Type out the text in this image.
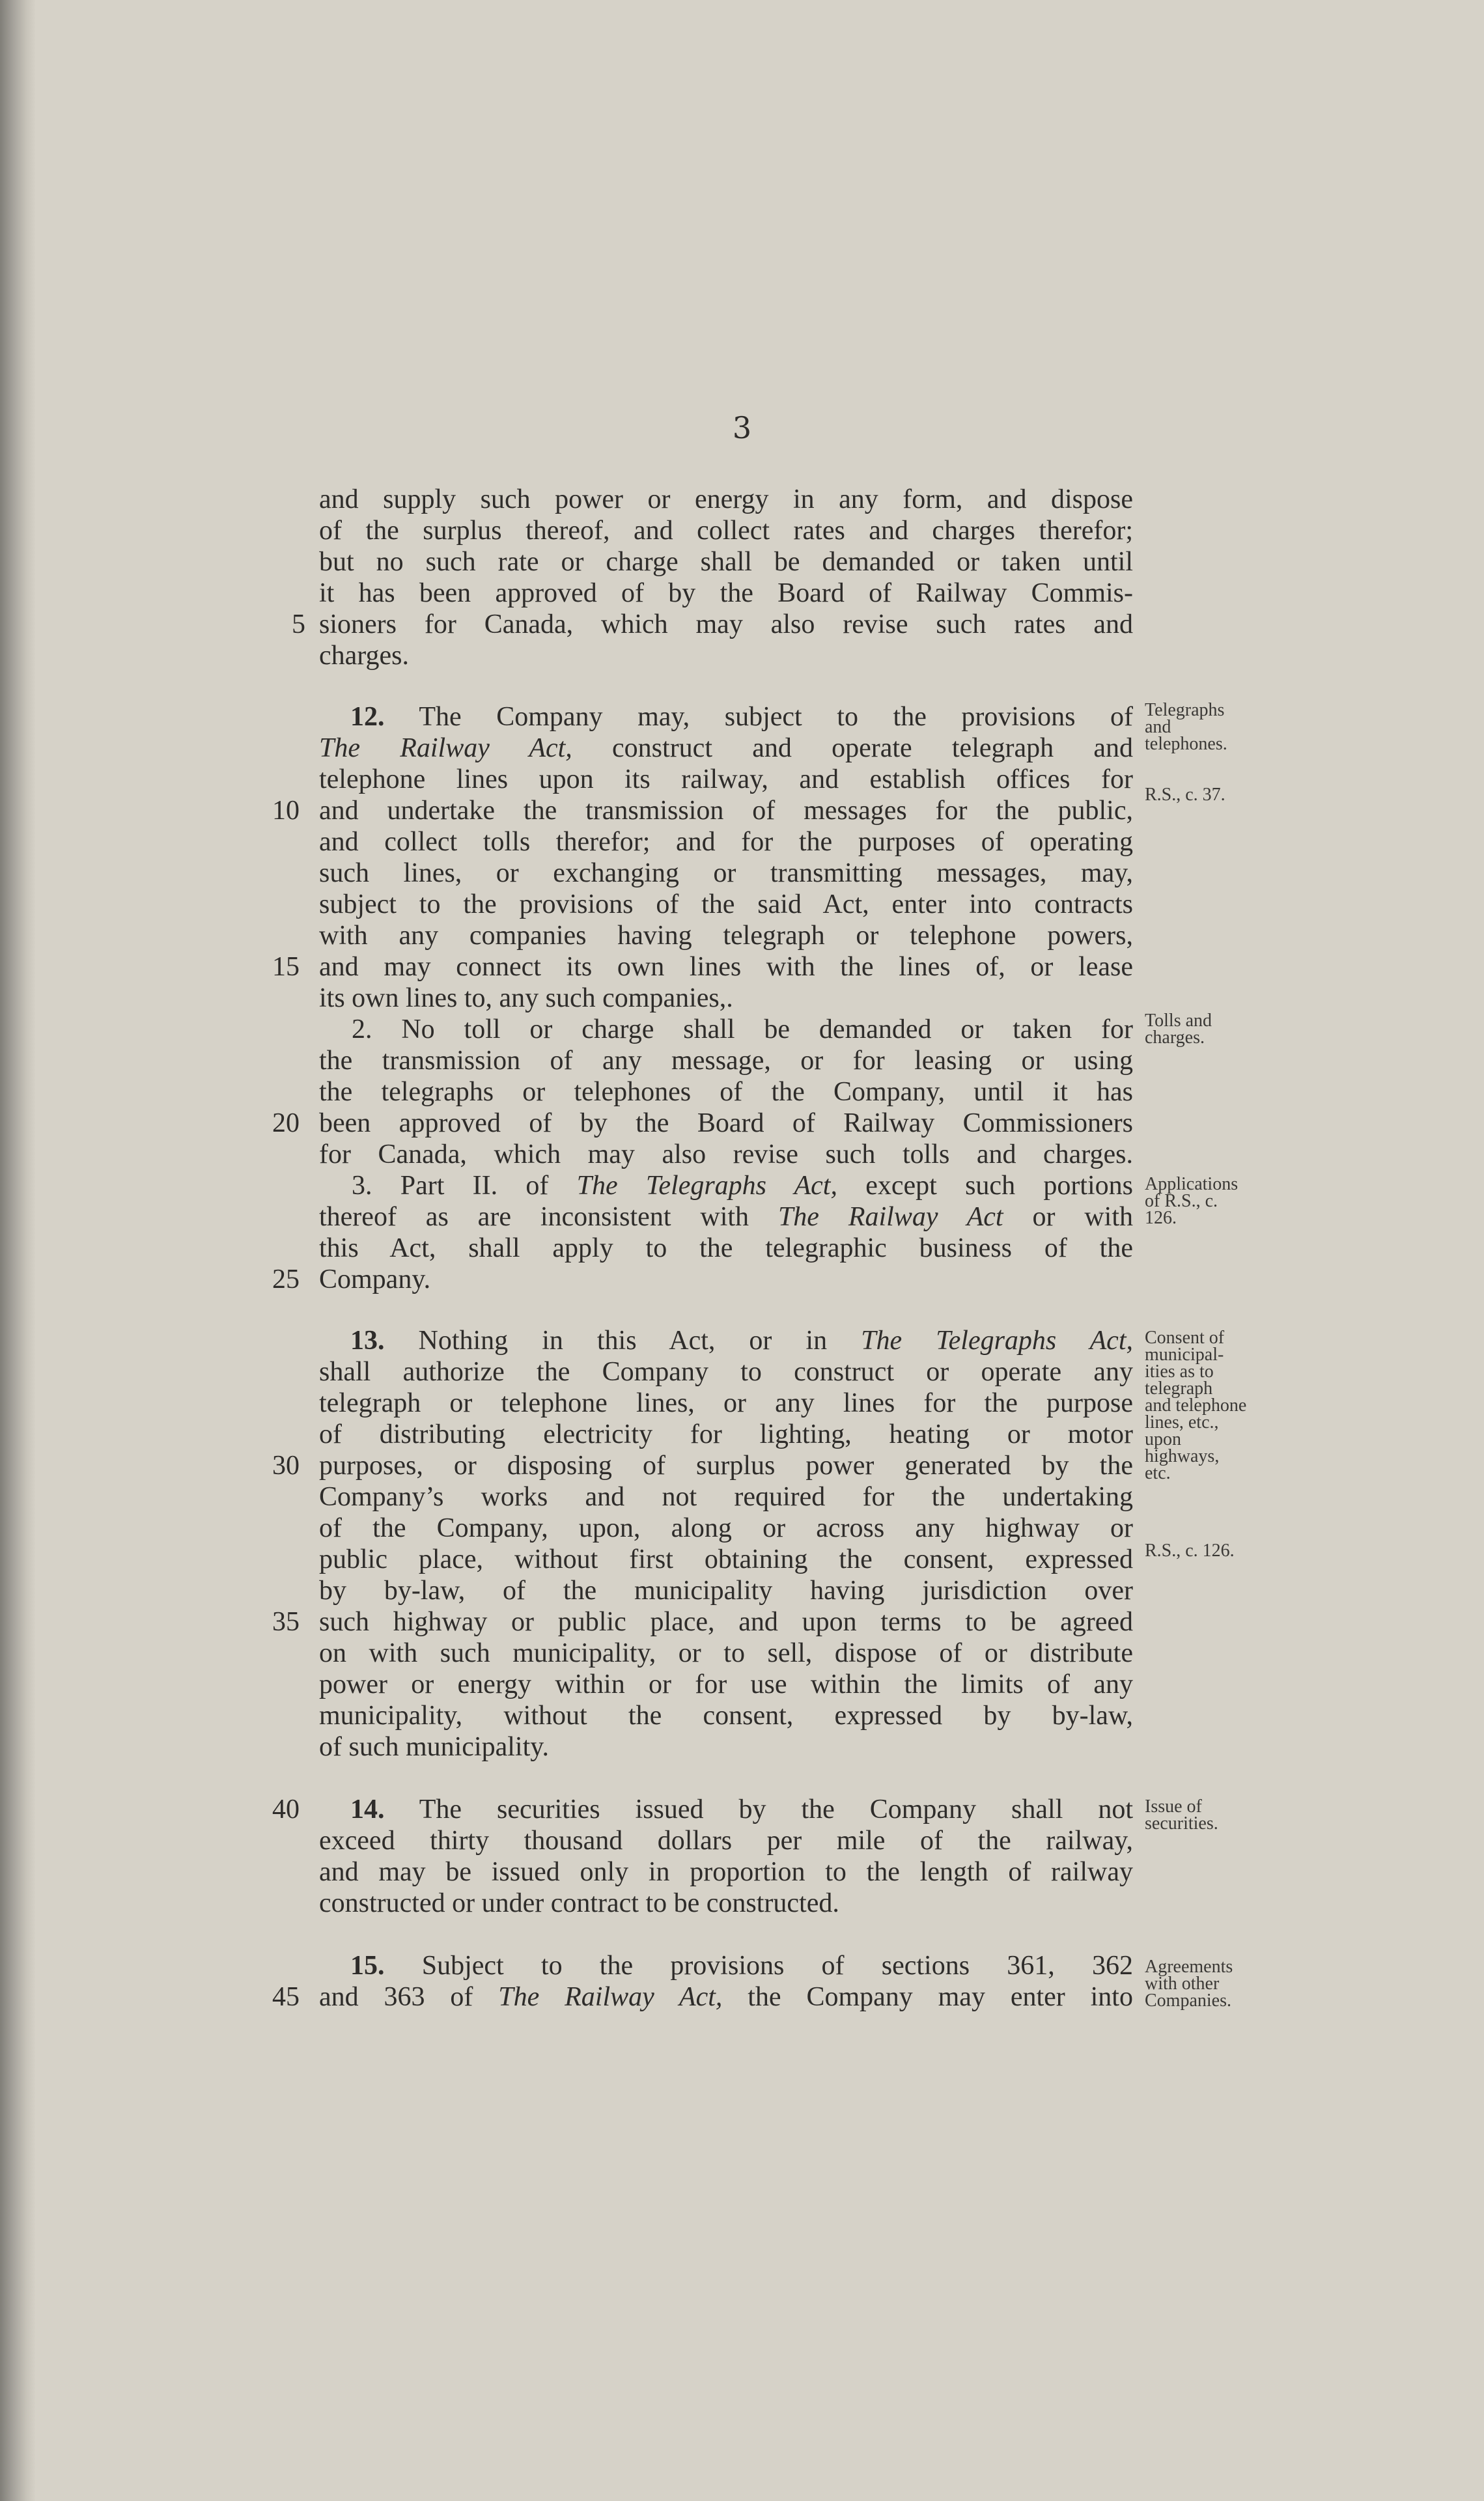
3
and supply such power or energy in any form, and dispose
of the surplus thereof, and collect rates and charges therefor;
but no such rate or charge shall be demanded or taken until
it has been approved of by the Board of Railway Commis-
5 sioners for Canada, which may also revise such rates and
charges.
12. The Company may, subject to the provisions of
The Railway Act, construct and operate telegraph and
telephone lines upon its railway, and establish offices for
10 and undertake the transmission of messages for the public,
and collect tolls therefor; and for the purposes of operating
such lines, or exchanging or transmitting messages, may,
subject to the provisions of the said Act, enter into contracts
with any companies having telegraph or telephone powers,
15 and may connect its own lines with the lines of, or lease
its own lines to, any such companies,.
2. No toll or charge shall be demanded or taken for
the transmission of any message, or for leasing or using
the telegraphs or telephones of the Company, until it has
20 been approved of by the Board of Railway Commissioners
for Canada, which may also revise such tolls and charges.
3. Part II. of The Telegraphs Act, except such portions
thereof as are inconsistent with The Railway Act or with
this Act, shall apply to the telegraphic business of the
25 Company.
13. Nothing in this Act, or in The Telegraphs Act,
shall authorize the Company to construct or operate any
telegraph or telephone lines, or any lines for the purpose
of distributing electricity for lighting, heating or motor
30 purposes, or disposing of surplus power generated by the
Company’s works and not required for the undertaking
of the Company, upon, along or across any highway or
public place, without first obtaining the consent, expressed
by by-law, of the municipality having jurisdiction over
35 such highway or public place, and upon terms to be agreed
on with such municipality, or to sell, dispose of or distribute
power or energy within or for use within the limits of any
municipality, without the consent, expressed by by-law,
of such municipality.
40	14. The securities issued by the Company shall not
exceed thirty thousand dollars per mile of the railway,
and may be issued only in proportion to the length of railway
constructed or under contract to be constructed.
15. Subject to the provisions of sections 361, 362
45 and 363 of The Railway Act, the Company may enter into
Telegraphs
and
telephones.
R.S., c. 37.
Tolls and
charges.
Applications
of R.S., c.
126.
Consent of
municipal-
ities as to
telegraph
and telephone
lines, etc.,
upon
highways,
etc.
R.S., c. 126.
Issue of
securities.
Agreements
with other
Companies.
